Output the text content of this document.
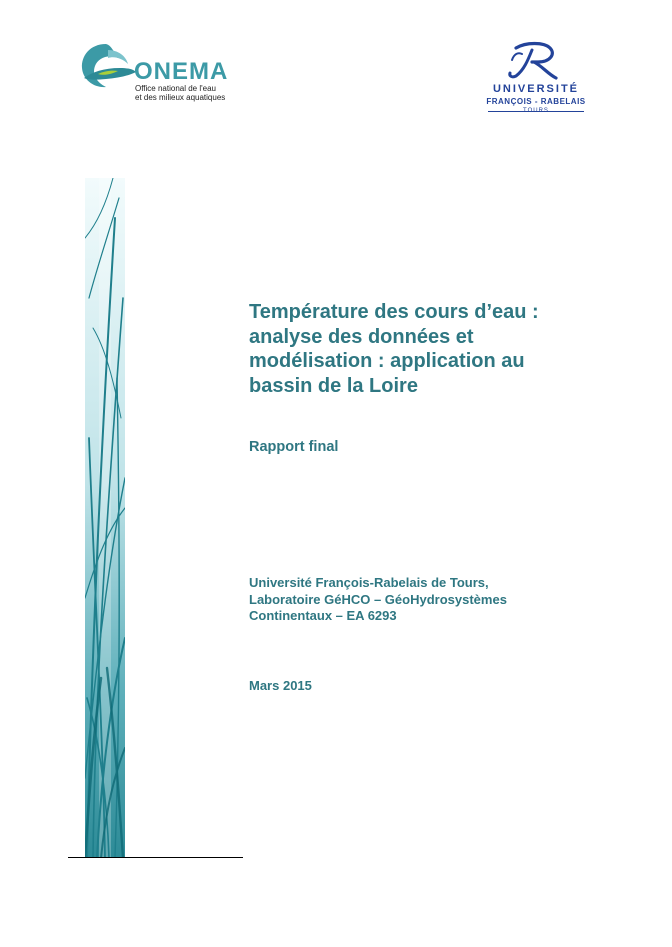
ONEMA
Office national de l'eau
et des milieux aquatiques
UNIVERSITÉ
FRANÇOIS - RABELAIS
TOURS
Température des cours d’eau :
analyse des données et
modélisation : application au
bassin de la Loire

Rapport final

Université François-Rabelais de Tours,
Laboratoire GéHCO – GéoHydrosystèmes
Continentaux – EA 6293

Mars 2015
